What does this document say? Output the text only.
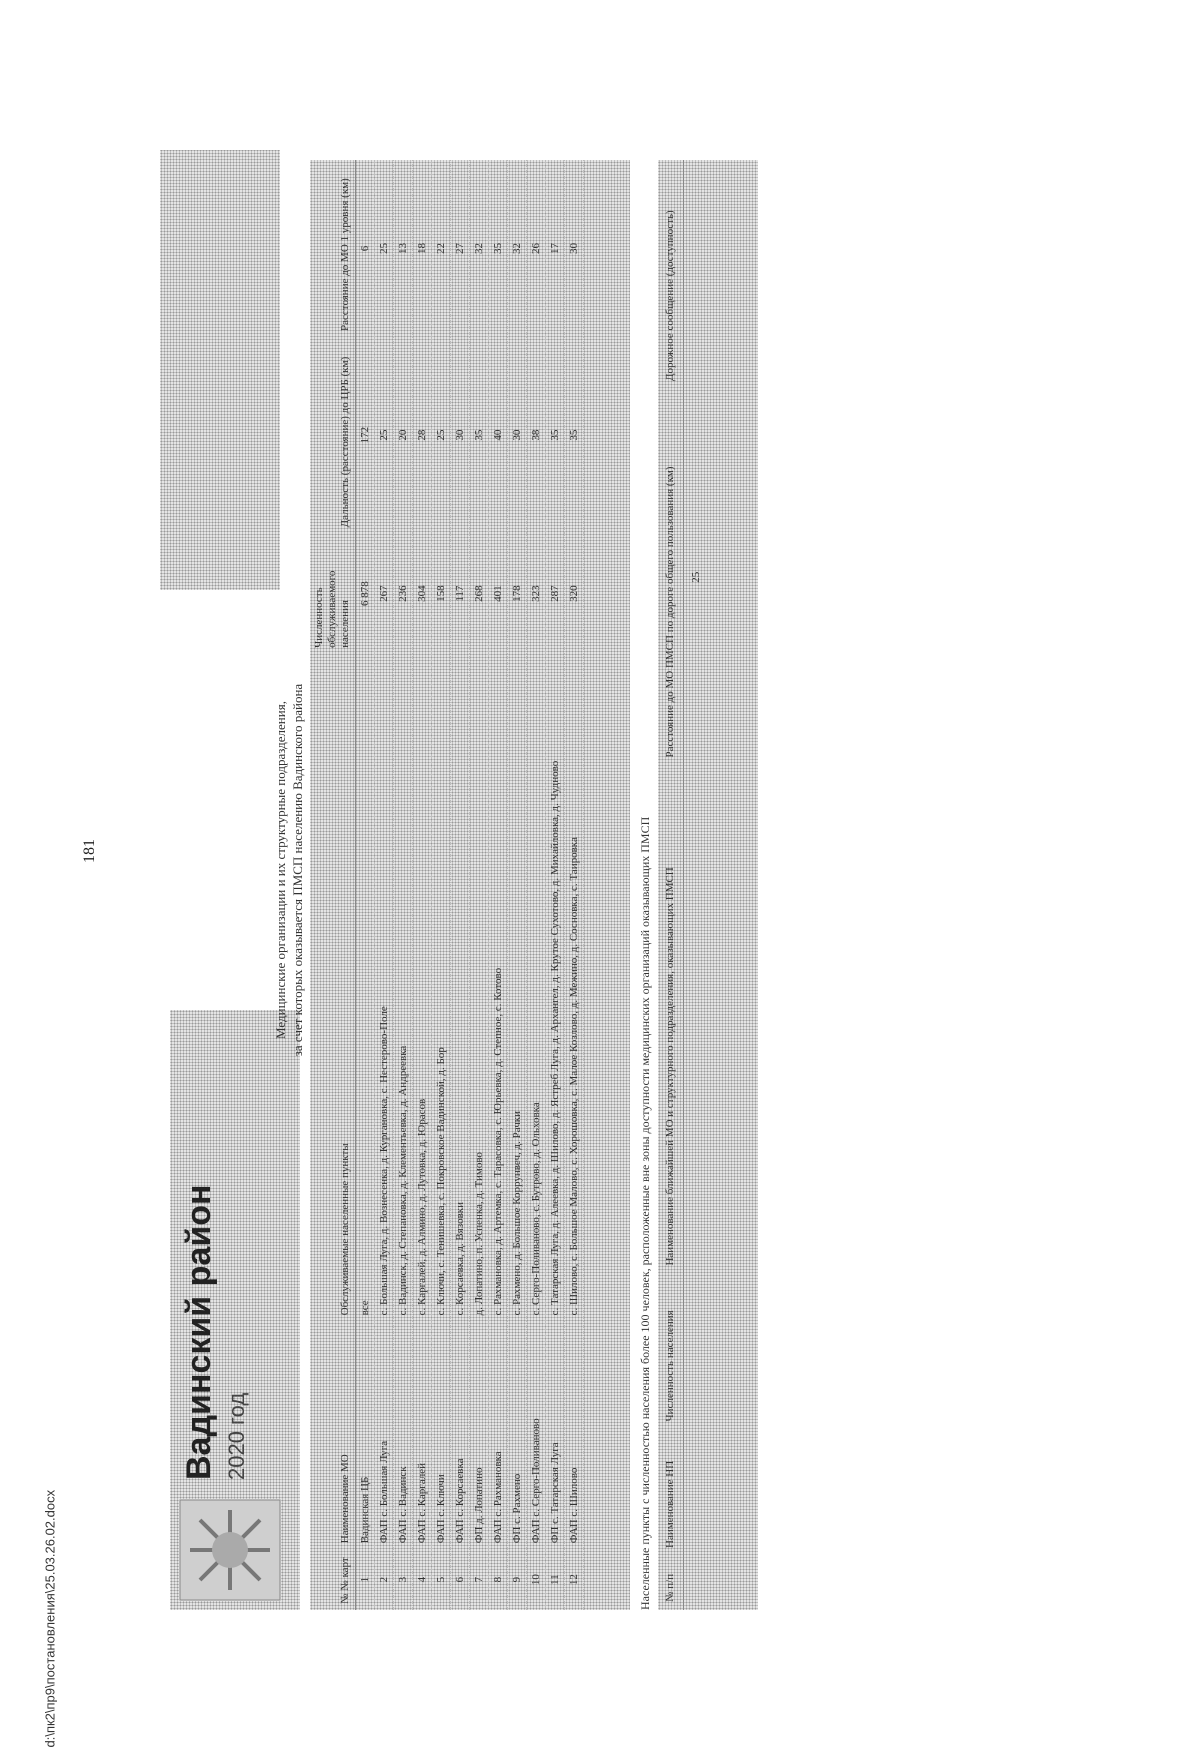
181
d:\пк2\пр9\постановления\25.03.26.02.docx
Вадинский район 2020 год
Медицинские организации и их структурные подразделения, за счет которых оказывается ПМСП населению Вадинского района
№ № карт	Наименование МО	Обслуживаемые населенные пункты	Численность обслуживаемого населения	Дальность (расстояние) до ЦРБ (км)	Расстояние до МО 1 уровня (км)
1	Вадинская ЦБ	все	6 878	172	6
2	ФАП с. Большая Луга	с. Большая Луга, д. Вознесенка, д. Кургановка, с. Нестерово-Поле	267	25	25
3	ФАП с. Вадинск	с. Вадинск, д. Степановка, д. Клементьевка, д. Андреевка	236	20	13
4	ФАП с. Каргалей	с. Каргалей, д. Алмино, д. Лутовка, д. Юрасов	304	28	18
5	ФАП с. Ключи	с. Ключи, с. Тенишевка, с. Покровское Вадинской, д. Бор	158	25	22
6	ФАП с. Корсаевка	с. Корсаевка, д. Вязовки	117	30	27
7	ФП д. Лопатино	д. Лопатино, п. Успенка, д. Тимово	268	35	32
8	ФАП с. Рахмановка	с. Рахмановка, д. Артемка, с. Тарасовка, с. Юрьевка, д. Степное, с. Котово	401	40	35
9	ФП с. Рахмено	с. Рахмено, д. Большое Коррунвеч, д. Рачки	178	30	32
10	ФАП с. Серго-Поливаново	с. Серго-Поливаново, с. Бутрово, д. Ольховка	323	38	26
11	ФП с. Татарская Луга	с. Татарская Луга, д. Алеевка, д. Шилово, д. Ястреб Луга, д. Архангел, д. Крутое Сухотово, д. Михайловка, д. Чудново	287	35	17
12	ФАП с. Шилово	с. Шилово, с. Большое Малово, с. Хорошовка, с. Малое Козлово, д. Межино, д. Сосновка, с. Таировка	320	35	30
Населенные пункты с численностью населения более 100 человек, расположенные вне зоны доступности медицинских организаций оказывающих ПМСП № п/п	Наименование НП	Численность населения	Наименование ближайшей МО и структурного подразделения, оказывающих ПМСП	Расстояние до МО ПМСП по дороге общего пользования (км)	Дорожное сообщение (доступность)
				25	
